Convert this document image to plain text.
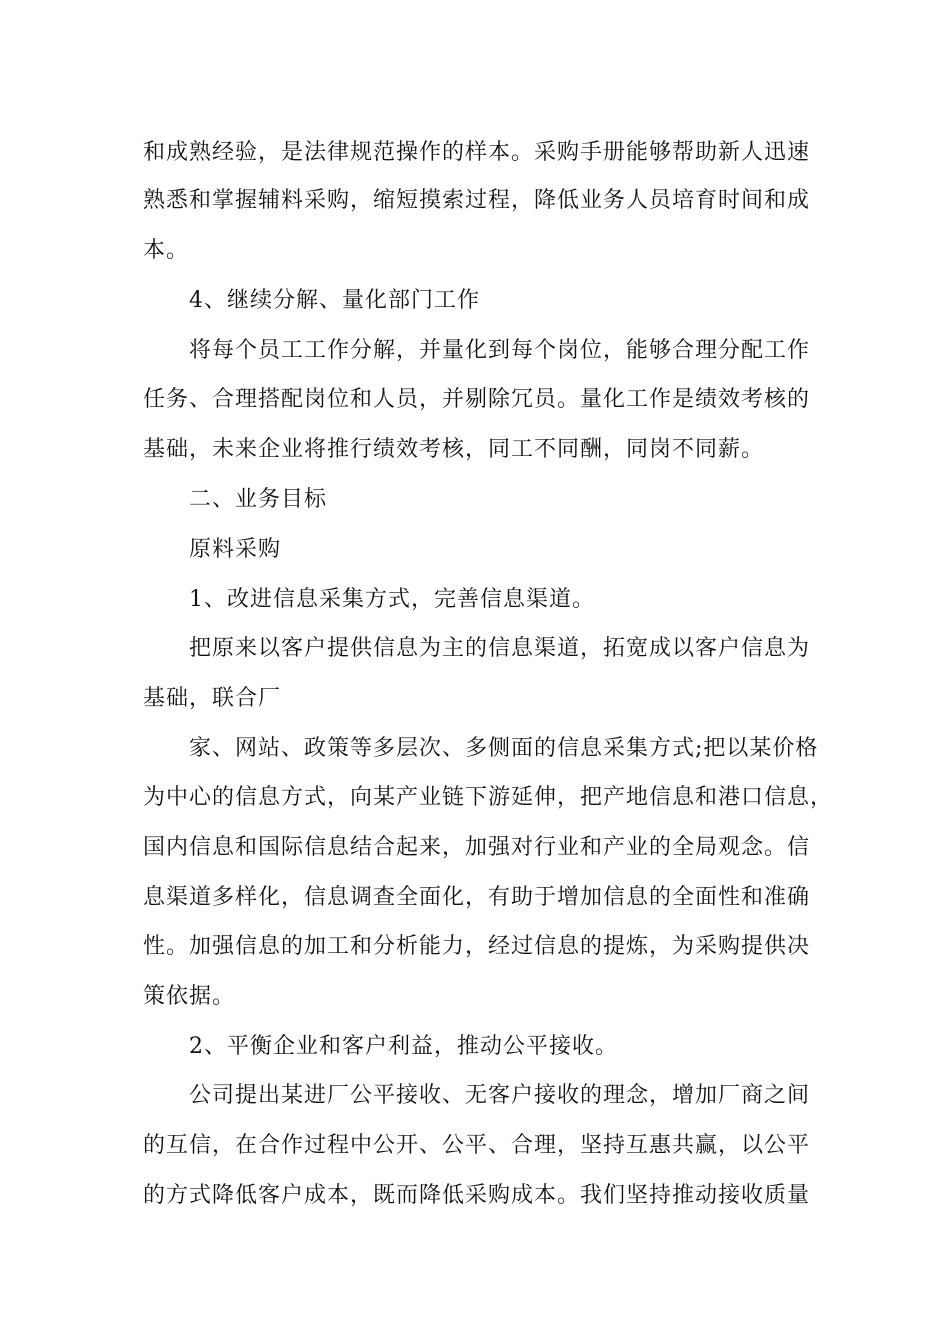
和成熟经验，是法律规范操作的样本。采购手册能够帮助新人迅速
熟悉和掌握辅料采购，缩短摸索过程，降低业务人员培育时间和成
本。
4、继续分解、量化部门工作
将每个员工工作分解，并量化到每个岗位，能够合理分配工作
任务、合理搭配岗位和人员，并剔除冗员。量化工作是绩效考核的
基础，未来企业将推行绩效考核，同工不同酬，同岗不同薪。
二、业务目标
原料采购
1、改进信息采集方式，完善信息渠道。
把原来以客户提供信息为主的信息渠道，拓宽成以客户信息为
基础，联合厂
家、网站、政策等多层次、多侧面的信息采集方式;把以某价格
为中心的信息方式，向某产业链下游延伸，把产地信息和港口信息，
国内信息和国际信息结合起来，加强对行业和产业的全局观念。信
息渠道多样化，信息调查全面化，有助于增加信息的全面性和准确
性。加强信息的加工和分析能力，经过信息的提炼，为采购提供决
策依据。
2、平衡企业和客户利益，推动公平接收。
公司提出某进厂公平接收、无客户接收的理念，增加厂商之间
的互信，在合作过程中公开、公平、合理，坚持互惠共赢，以公平
的方式降低客户成本，既而降低采购成本。我们坚持推动接收质量
